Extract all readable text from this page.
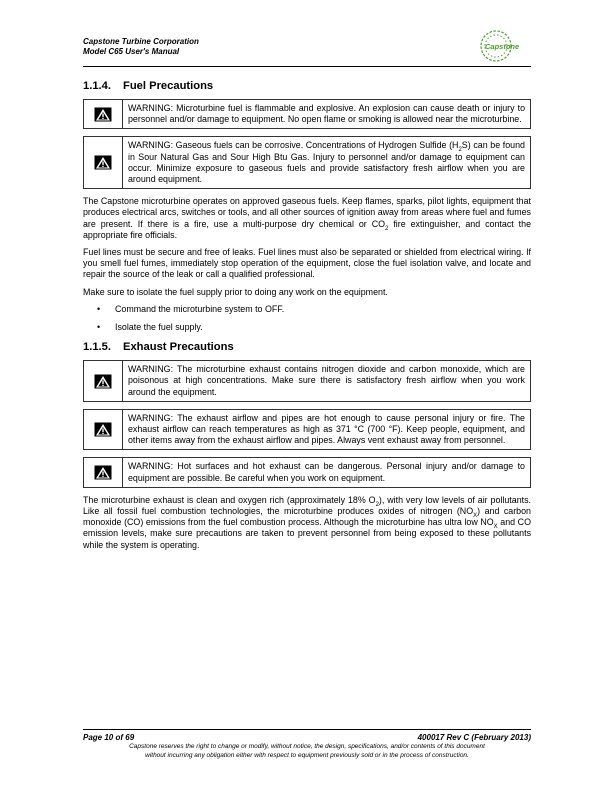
Capstone Turbine Corporation
Model C65 User's Manual
Capstone
1.1.4. Fuel Precautions
WARNING: Microturbine fuel is flammable and explosive. An explosion can cause death or injury to personnel and/or damage to equipment. No open flame or smoking is allowed near the microturbine.
WARNING: Gaseous fuels can be corrosive. Concentrations of Hydrogen Sulfide $(H_2S)$ can be found in Sour Natural Gas and Sour High Btu Gas. Injury to personnel and/or damage to equipment can occur. Minimize exposure to gaseous fuels and provide satisfactory fresh airflow when you are around equipment.

The Capstone microturbine operates on approved gaseous fuels. Keep flames, sparks, pilot lights, equipment that produces electrical arcs, switches or tools, and all other sources of ignition away from areas where fuel and fumes are present. If there is a fire, use a multi-purpose dry chemical or $CO_2$ fire extinguisher, and contact the appropriate fire officials.

Fuel lines must be secure and free of leaks. Fuel lines must also be separated or shielded from electrical wiring. If you smell fuel fumes, immediately stop operation of the equipment, close the fuel isolation valve, and locate and repair the source of the leak or call a qualified professional.

Make sure to isolate the fuel supply prior to doing any work on the equipment.

• Command the microturbine system to OFF.
• Isolate the fuel supply.
1.1.5. Exhaust Precautions
WARNING: The microturbine exhaust contains nitrogen dioxide and carbon monoxide, which are poisonous at high concentrations. Make sure there is satisfactory fresh airflow when you work around the equipment.
WARNING: The exhaust airflow and pipes are hot enough to cause personal injury or fire. The exhaust airflow can reach temperatures as high as 371 °C (700 °F). Keep people, equipment, and other items away from the exhaust airflow and pipes. Always vent exhaust away from personnel.
WARNING: Hot surfaces and hot exhaust can be dangerous. Personal injury and/or damage to equipment are possible. Be careful when you work on equipment.

The microturbine exhaust is clean and oxygen rich (approximately 18% $O_2$), with very low levels of air pollutants. Like all fossil fuel combustion technologies, the microturbine produces oxides of nitrogen $(NO_X)$ and carbon monoxide (CO) emissions from the fuel combustion process. Although the microturbine has ultra low $NO_X$ and CO emission levels, make sure precautions are taken to prevent personnel from being exposed to these pollutants while the system is operating.

Page 10 of 69	400017 Rev C (February 2013)
Capstone reserves the right to change or modify, without notice, the design, specifications, and/or contents of this document
without incurring any obligation either with respect to equipment previously sold or in the process of construction.
